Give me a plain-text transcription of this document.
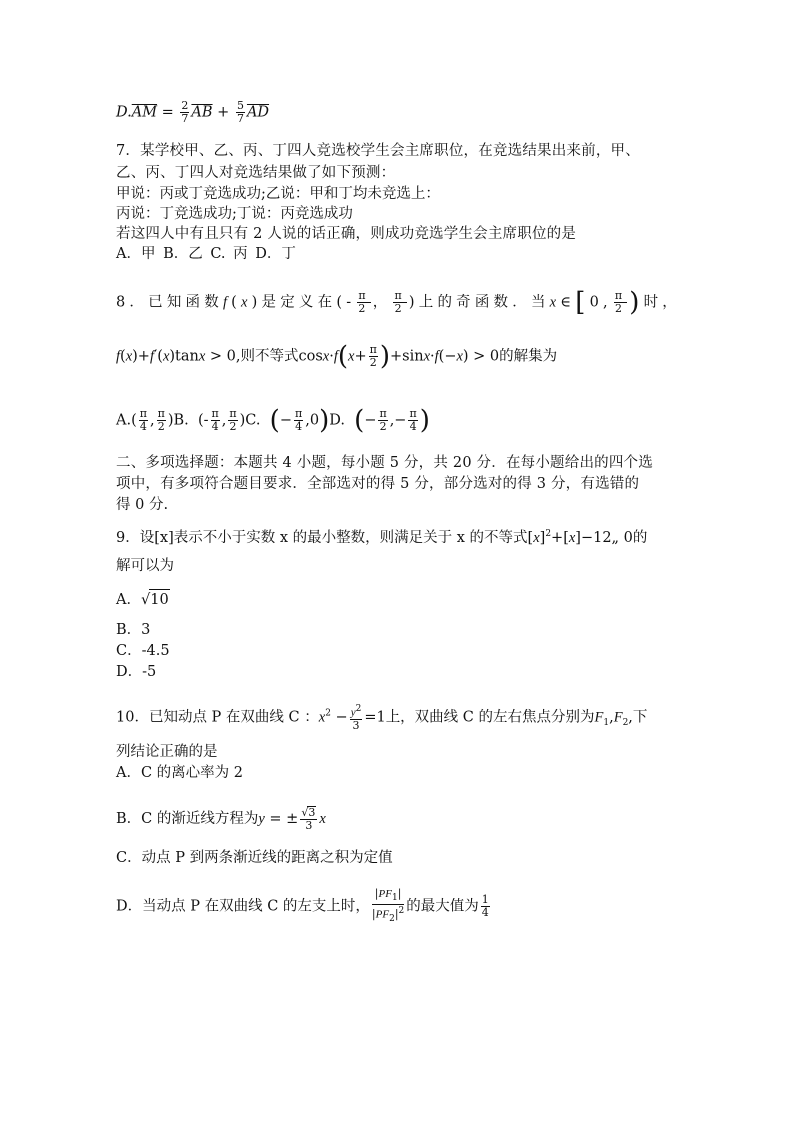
$D.\overline{AM} = \frac{2}{7} \overline{AB} + \frac{5}{7} \overline{AD}$
7．某学校甲、乙、丙、丁四人竞选校学生会主席职位，在竞选结果出来前，甲、
乙、丙、丁四人对竞选结果做了如下预测：
甲说：丙或丁竞选成功;乙说：甲和丁均未竞选上：
丙说：丁竞选成功;丁说：丙竞选成功
若这四人中有且只有 2 人说的话正确，则成功竞选学生会主席职位的是
A．甲 B．乙 C. 丙 D．丁
8．已知函数f(x)是定义在(- $\frac{\pi}{2}$ ， $\frac{\pi}{2}$ )上的奇函数．当x∈[0, $\frac{\pi}{2}$ )时，
f(x)+f′(x)tanx > 0,则不等式$\cos x\cdot f(x+ \frac{\pi}{2} )+\sin x\cdot f(-x) > 0$的解集为
$A.( \frac{\pi}{4}$ , $\frac{\pi}{2} )B$.  (- $\frac{\pi}{4}$ , $\frac{\pi}{2} )C$.  (− $\frac{\pi}{4} ,0)D$.  (− $\frac{\pi}{2}$ ,− $\frac{\pi}{4}$ )
二、多项选择题：本题共 4 小题，每小题 5 分，共 20 分．在每小题给出的四个选
项中，有多项符合题目要求．全部选对的得 5 分，部分选对的得 3 分，有选错的
得 0 分.
9．设[x]表示不小于实数 x 的最小整数，则满足关于 x 的不等式$[x]^2+[x]-12„$ 0的
解可以为
A．√10
B．3
C．-4.5
D．-5
10．已知动点 P 在双曲线 C ：$x^2 - \frac{y^2}{3} =1$上，双曲线 C 的左右焦点分别为$F_1,F_2$,下
列结论正确的是
A．C 的离心率为 2
B．C 的渐近线方程为y = ± $\frac{√3}{3}$ x
C．动点 P 到两条渐近线的距离之积为定值
D．当动点 P 在双曲线 C 的左支上时， $\frac{|PF_1|}{|PF_2|^2}$ 的最大值为 $\frac{1}{4}$
